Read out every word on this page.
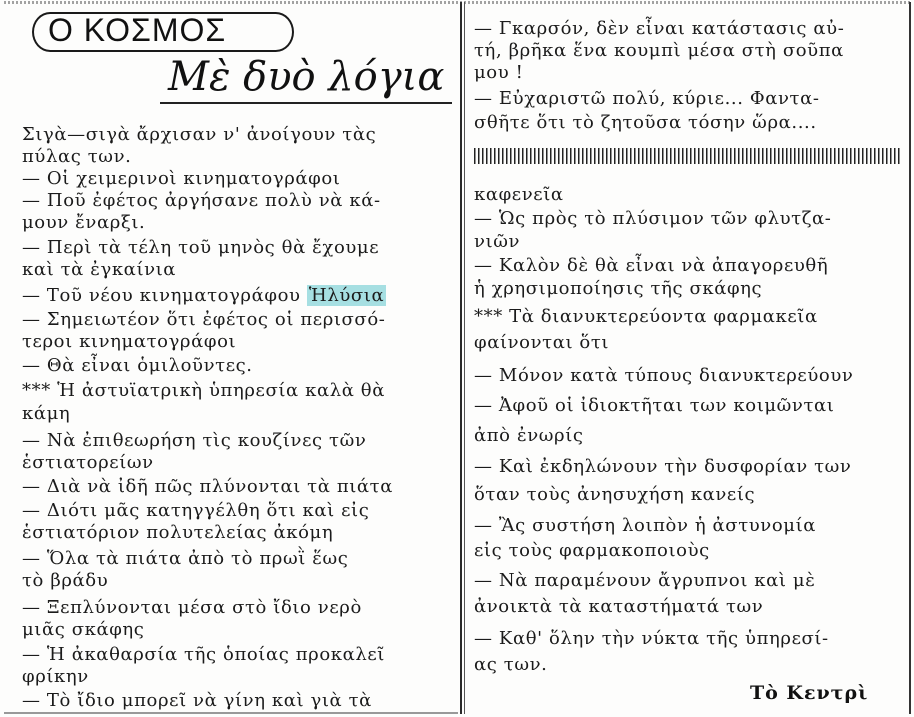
Ο ΚΟΣΜΟΣ
Μὲ δυὸ λόγια
Σιγὰ—σιγὰ ἄρχισαν ν' ἀνοίγουν τὰς
πύλας των.
— Οἱ χειμερινοὶ κινηματογράφοι
— Ποῦ ἐφέτος ἀργήσανε πολὺ νὰ κά-
μουν ἔναρξι.
— Περὶ τὰ τέλη τοῦ μηνὸς θὰ ἔχουμε
καὶ τὰ ἐγκαίνια
— Τοῦ νέου κινηματογράφου Ἡλύσια
— Σημειωτέον ὅτι ἐφέτος οἱ περισσό-
τεροι κινηματογράφοι
— Θὰ εἶναι ὁμιλοῦντες.
*** Ἡ ἀστυϊατρικὴ ὑπηρεσία καλὰ θὰ
κάμη
— Νὰ ἐπιθεωρήση τὶς κουζίνες τῶν
ἑστιατορείων
— Διὰ νὰ ἰδῆ πῶς πλύνονται τὰ πιάτα
— Διότι μᾶς κατηγγέλθη ὅτι καὶ εἰς
ἑστιατόριον πολυτελείας ἀκόμη
— Ὅλα τὰ πιάτα ἀπὸ τὸ πρωῒ ἕως
τὸ βράδυ
— Ξεπλύνονται μέσα στὸ ἴδιο νερὸ
μιᾶς σκάφης
— Ἡ ἀκαθαρσία τῆς ὁποίας προκαλεῖ
φρίκην
— Τὸ ἴδιο μπορεῖ νὰ γίνη καὶ γιὰ τὰ
— Γκαρσόν, δὲν εἶναι κατάστασις αὐ-
τή, βρῆκα ἕνα κουμπὶ μέσα στὴ σοῦπα
μου !
— Εὐχαριστῶ πολύ, κύριε... Φαντα-
σθῆτε ὅτι τὸ ζητοῦσα τόσην ὥρα....
καφενεῖα
— Ὡς πρὸς τὸ πλύσιμον τῶν φλυτζα-
νιῶν
— Καλὸν δὲ θὰ εἶναι νὰ ἀπαγορευθῆ
ἡ χρησιμοποίησις τῆς σκάφης
*** Τὰ διανυκτερεύοντα φαρμακεῖα
φαίνονται ὅτι
— Μόνον κατὰ τύπους διανυκτερεύουν
— Ἀφοῦ οἱ ἰδιοκτῆται των κοιμῶνται
ἀπὸ ἐνωρίς
— Καὶ ἐκδηλώνουν τὴν δυσφορίαν των
ὅταν τοὺς ἀνησυχήση κανείς
— Ἂς συστήση λοιπὸν ἡ ἀστυνομία
εἰς τοὺς φαρμακοποιοὺς
— Νὰ παραμένουν ἄγρυπνοι καὶ μὲ
ἀνοικτὰ τὰ καταστήματά των
— Καθ' ὅλην τὴν νύκτα τῆς ὑπηρεσί-
ας των.
Τὸ Κεντρὶ
